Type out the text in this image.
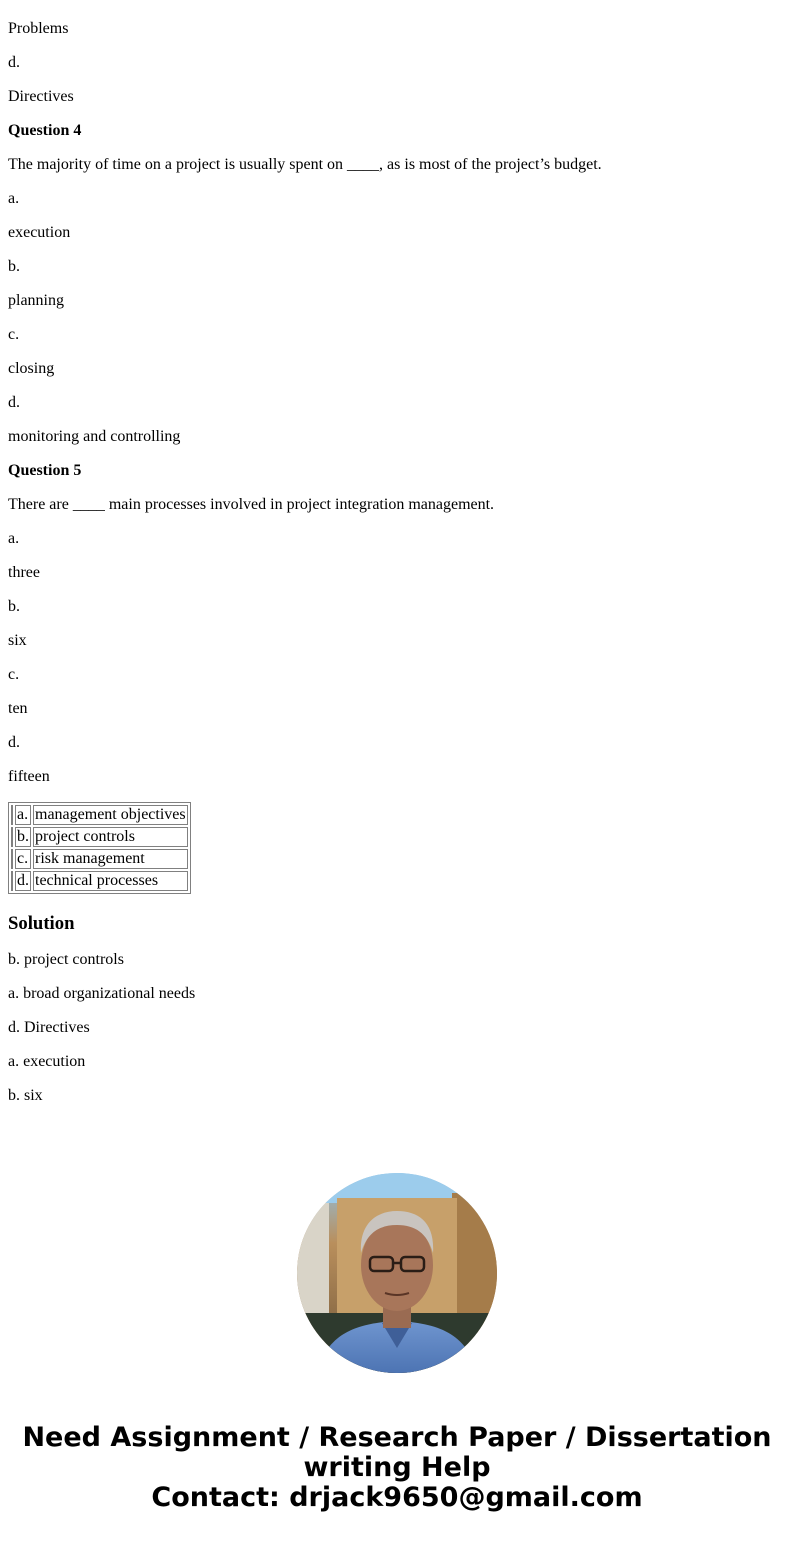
Problems

d.

Directives

Question 4

The majority of time on a project is usually spent on ____, as is most of the project’s budget.

a.

execution

b.

planning

c.

closing

d.

monitoring and controlling

Question 5

There are ____ main processes involved in project integration management.

a.

three

b.

six

c.

ten

d.

fifteen

	a.	management objectives
	b.	project controls
	c.	risk management
	d.	technical processes
Solution

b. project controls

a. broad organizational needs

d. Directives

a. execution

b. six

Need Assignment / Research Paper / Dissertation
writing Help
Contact: drjack9650@gmail.com
